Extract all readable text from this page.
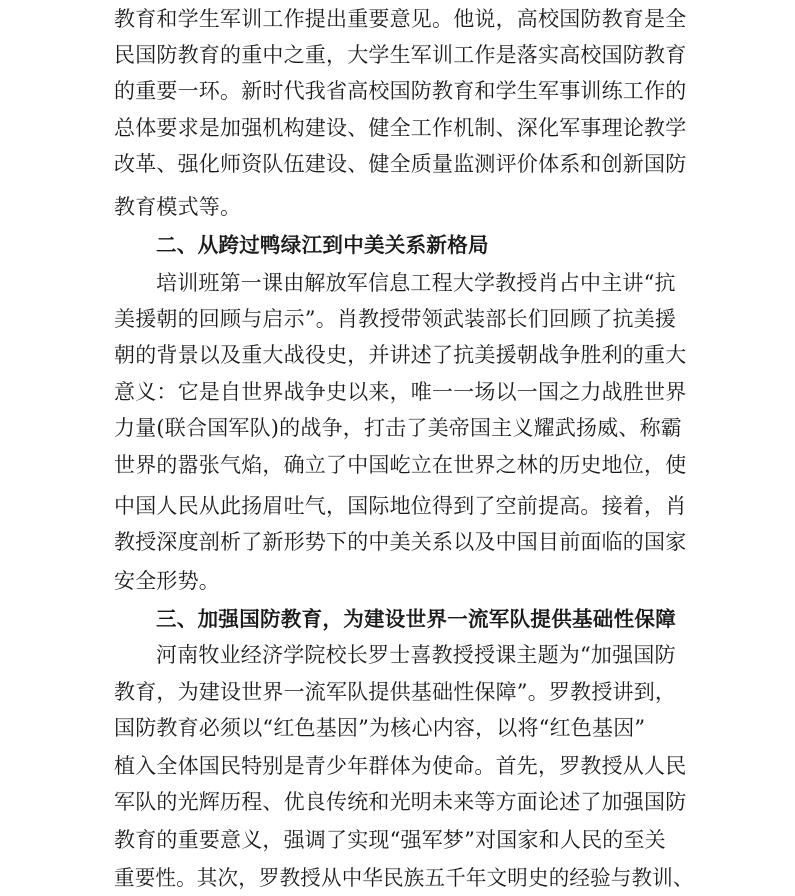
教育和学生军训工作提出重要意见。他说，高校国防教育是全
民国防教育的重中之重，大学生军训工作是落实高校国防教育
的重要一环。新时代我省高校国防教育和学生军事训练工作的
总体要求是加强机构建设、健全工作机制、深化军事理论教学
改革、强化师资队伍建设、健全质量监测评价体系和创新国防
教育模式等。
二、从跨过鸭绿江到中美关系新格局
培训班第一课由解放军信息工程大学教授肖占中主讲“抗
美援朝的回顾与启示”。肖教授带领武装部长们回顾了抗美援
朝的背景以及重大战役史，并讲述了抗美援朝战争胜利的重大
意义：它是自世界战争史以来，唯一一场以一国之力战胜世界
力量(联合国军队)的战争，打击了美帝国主义耀武扬威、称霸
世界的嚣张气焰，确立了中国屹立在世界之林的历史地位，使
中国人民从此扬眉吐气，国际地位得到了空前提高。接着，肖
教授深度剖析了新形势下的中美关系以及中国目前面临的国家
安全形势。
三、加强国防教育，为建设世界一流军队提供基础性保障
河南牧业经济学院校长罗士喜教授授课主题为“加强国防
教育，为建设世界一流军队提供基础性保障”。罗教授讲到，
国防教育必须以“红色基因”为核心内容，以将“红色基因”
植入全体国民特别是青少年群体为使命。首先，罗教授从人民
军队的光辉历程、优良传统和光明未来等方面论述了加强国防
教育的重要意义，强调了实现“强军梦”对国家和人民的至关
重要性。其次，罗教授从中华民族五千年文明史的经验与教训、
